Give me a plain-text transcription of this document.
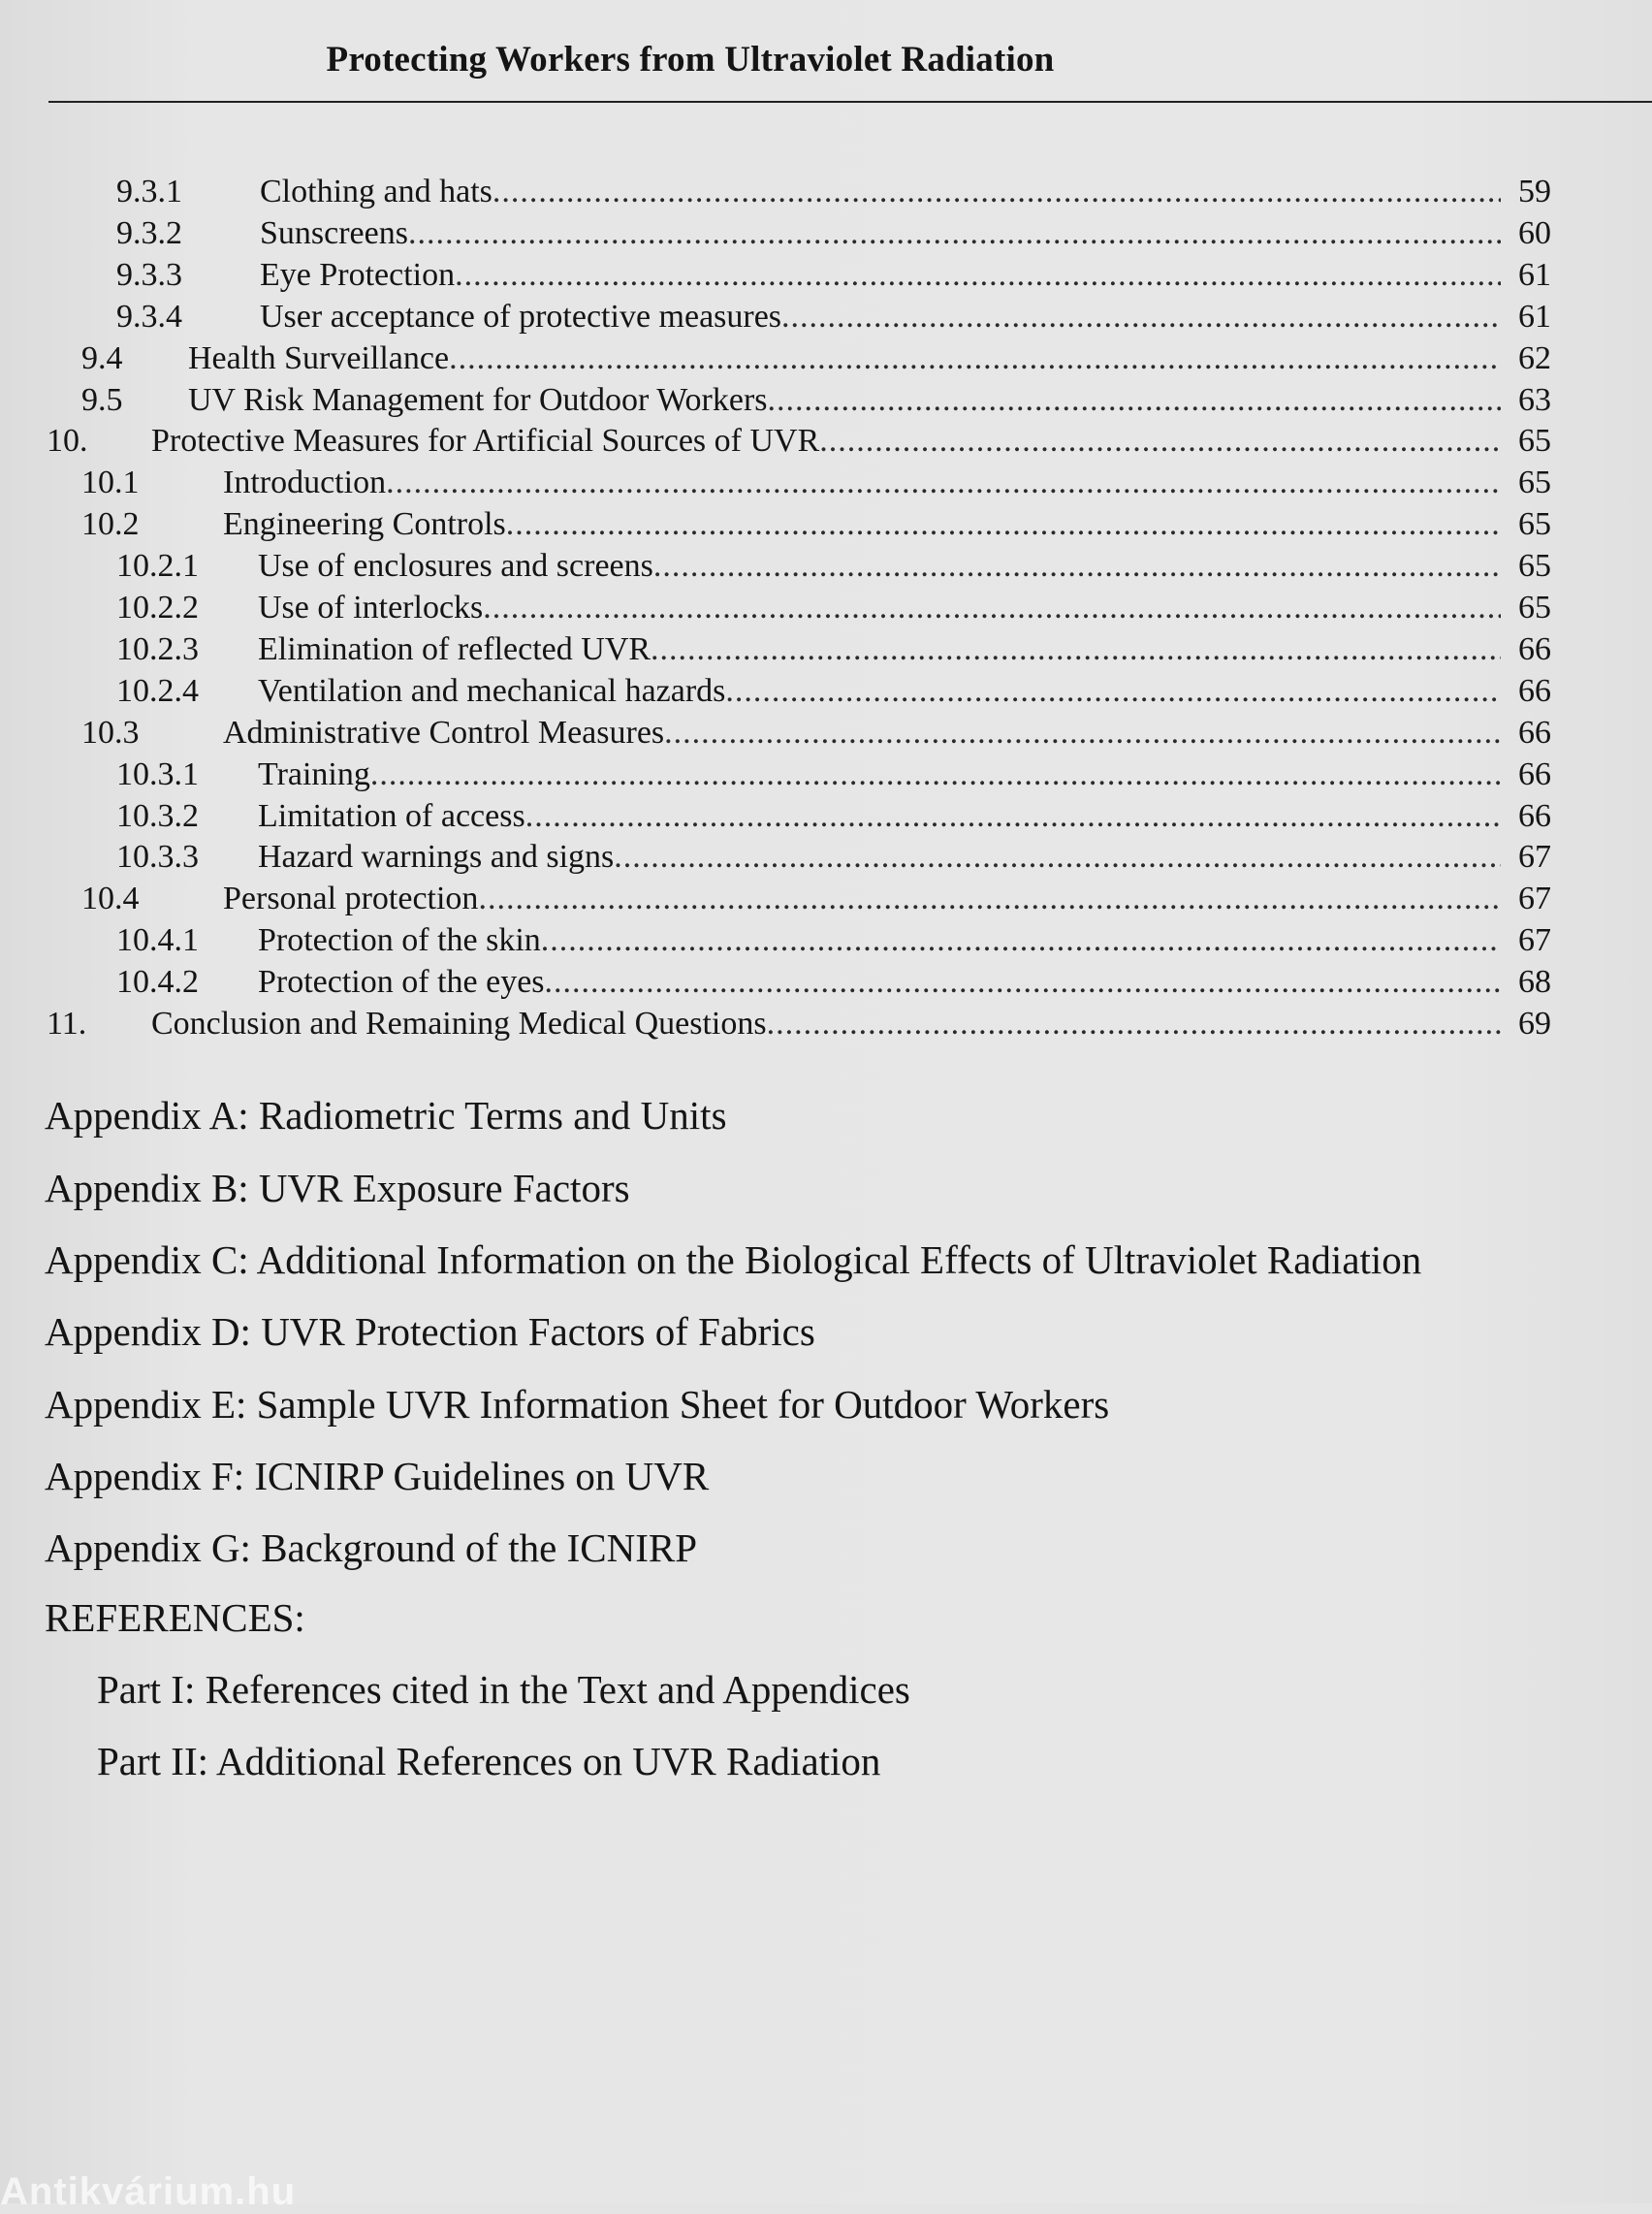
Protecting Workers from Ultraviolet Radiation
9.3.1 Clothing and hats .....	59
9.3.2 Sunscreens .....	60
9.3.3 Eye Protection .....	61
9.3.4 User acceptance of protective measures .....	61
9.4 Health Surveillance .....	62
9.5 UV Risk Management for Outdoor Workers .....	63
10. Protective Measures for Artificial Sources of UVR .....	65
10.1	Introduction .....	65
10.2	Engineering Controls .....	65
10.2.1 Use of enclosures and screens .....	65
10.2.2 Use of interlocks .....	65
10.2.3 Elimination of reflected UVR .....	66
10.2.4 Ventilation and mechanical hazards .....	66
10.3	Administrative Control Measures .....	66
10.3.1 Training .....	66
10.3.2 Limitation of access .....	66
10.3.3 Hazard warnings and signs .....	67
10.4	Personal protection .....	67
10.4.1 Protection of the skin .....	67
10.4.2 Protection of the eyes .....	68
11. Conclusion and Remaining Medical Questions .....	69
Appendix A: Radiometric Terms and Units
Appendix B: UVR Exposure Factors
Appendix C: Additional Information on the Biological Effects of Ultraviolet Radiation
Appendix D: UVR Protection Factors of Fabrics
Appendix E: Sample UVR Information Sheet for Outdoor Workers
Appendix F: ICNIRP Guidelines on UVR
Appendix G: Background of the ICNIRP
REFERENCES:
Part I: References cited in the Text and Appendices
Part II: Additional References on UVR Radiation
Antikvárium.hu
